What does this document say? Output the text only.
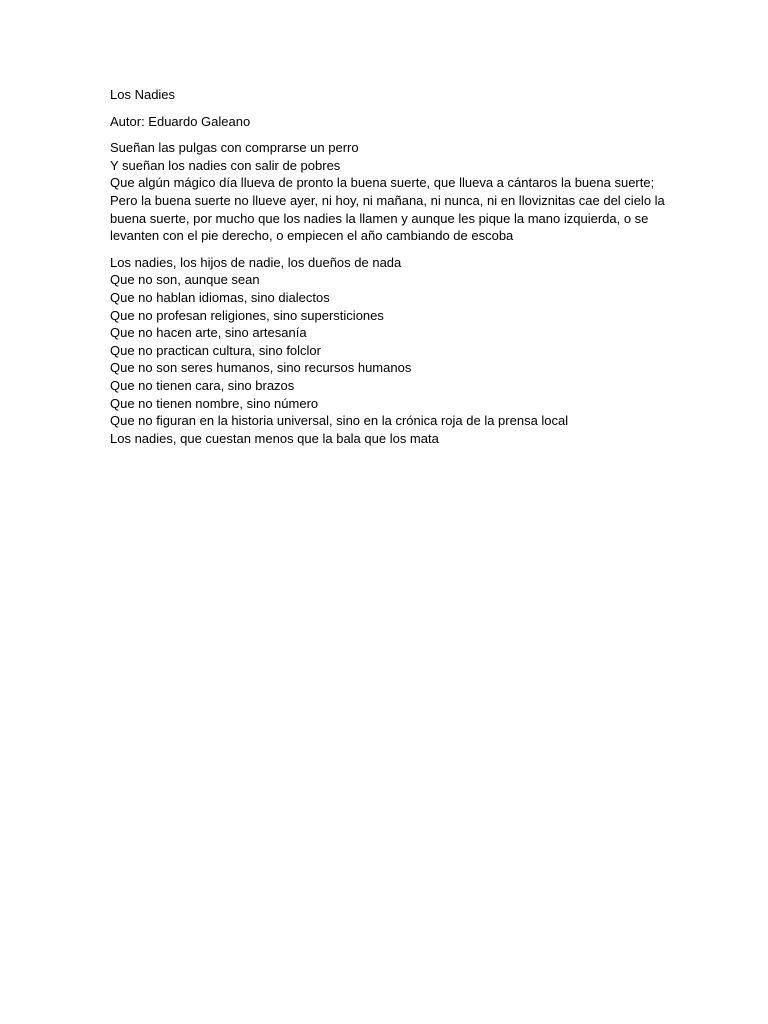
Los Nadies
Autor: Eduardo Galeano
Sueñan las pulgas con comprarse un perro
Y sueñan los nadies con salir de pobres
Que algún mágico día llueva de pronto la buena suerte, que llueva a cántaros la buena suerte;
Pero la buena suerte no llueve ayer, ni hoy, ni mañana, ni nunca, ni en lloviznitas cae del cielo la buena suerte, por mucho que los nadies la llamen y aunque les pique la mano izquierda, o se levanten con el pie derecho, o empiecen el año cambiando de escoba
Los nadies, los hijos de nadie, los dueños de nada
Que no son, aunque sean
Que no hablan idiomas, sino dialectos
Que no profesan religiones, sino supersticiones
Que no hacen arte, sino artesanía
Que no practican cultura, sino folclor
Que no son seres humanos, sino recursos humanos
Que no tienen cara, sino brazos
Que no tienen nombre, sino número
Que no figuran en la historia universal, sino en la crónica roja de la prensa local
Los nadies, que cuestan menos que la bala que los mata
